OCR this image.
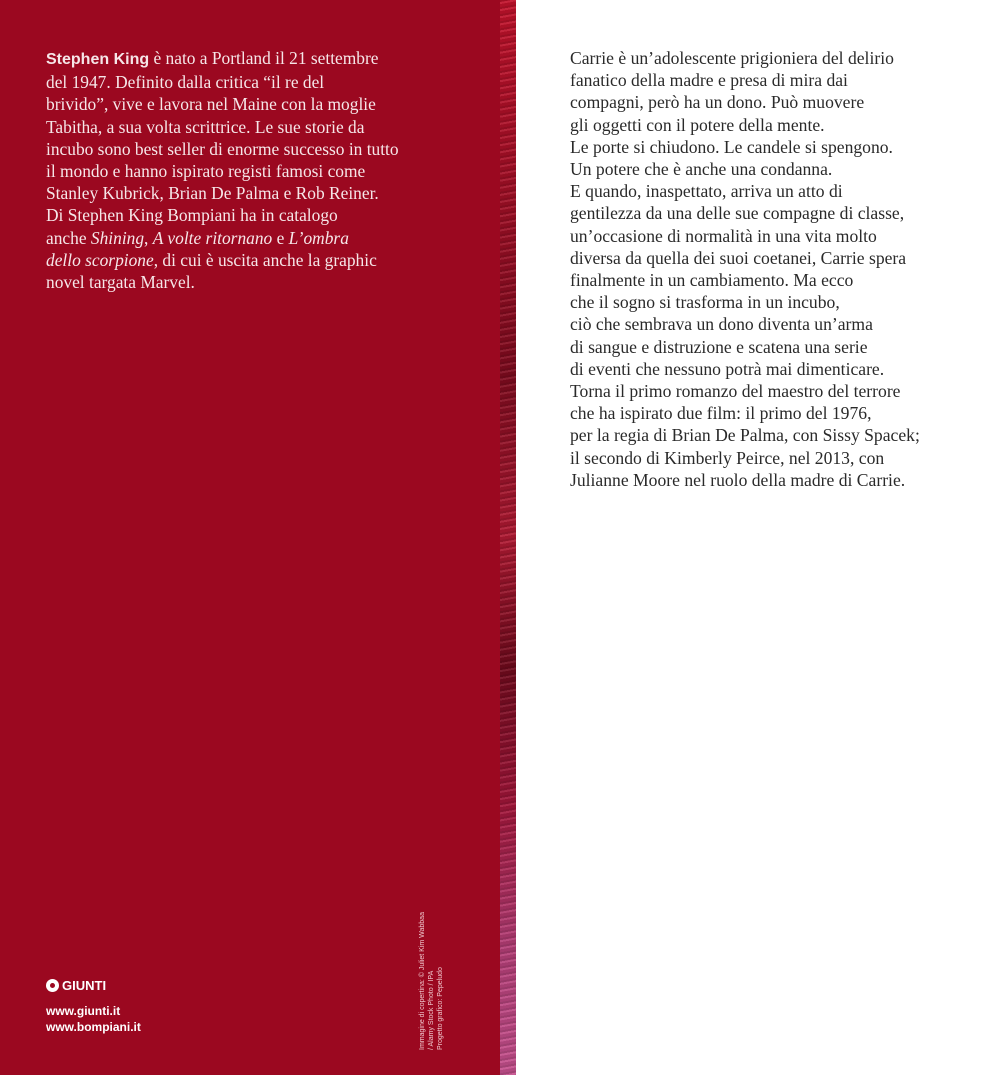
Stephen King è nato a Portland il 21 settembre
del 1947. Definito dalla critica “il re del
brivido”, vive e lavora nel Maine con la moglie
Tabitha, a sua volta scrittrice. Le sue storie da
incubo sono best seller di enorme successo in tutto
il mondo e hanno ispirato registi famosi come
Stanley Kubrick, Brian De Palma e Rob Reiner.
Di Stephen King Bompiani ha in catalogo
anche Shining, A volte ritornano e L’ombra
dello scorpione, di cui è uscita anche la graphic
novel targata Marvel.

Carrie è un’adolescente prigioniera del delirio
fanatico della madre e presa di mira dai
compagni, però ha un dono. Può muovere
gli oggetti con il potere della mente.
Le porte si chiudono. Le candele si spengono.
Un potere che è anche una condanna.
E quando, inaspettato, arriva un atto di
gentilezza da una delle sue compagne di classe,
un’occasione di normalità in una vita molto
diversa da quella dei suoi coetanei, Carrie spera
finalmente in un cambiamento. Ma ecco
che il sogno si trasforma in un incubo,
ciò che sembrava un dono diventa un’arma
di sangue e distruzione e scatena una serie
di eventi che nessuno potrà mai dimenticare.
Torna il primo romanzo del maestro del terrore
che ha ispirato due film: il primo del 1976,
per la regia di Brian De Palma, con Sissy Spacek;
il secondo di Kimberly Peirce, nel 2013, con
Julianne Moore nel ruolo della madre di Carrie.

Immagine di copertina: © Juliet Kim Wabbaa / Alamy Stock Photo / IPA Progetto grafico: Pepeludo
GIUNTI
www.giunti.it
www.bompiani.it
